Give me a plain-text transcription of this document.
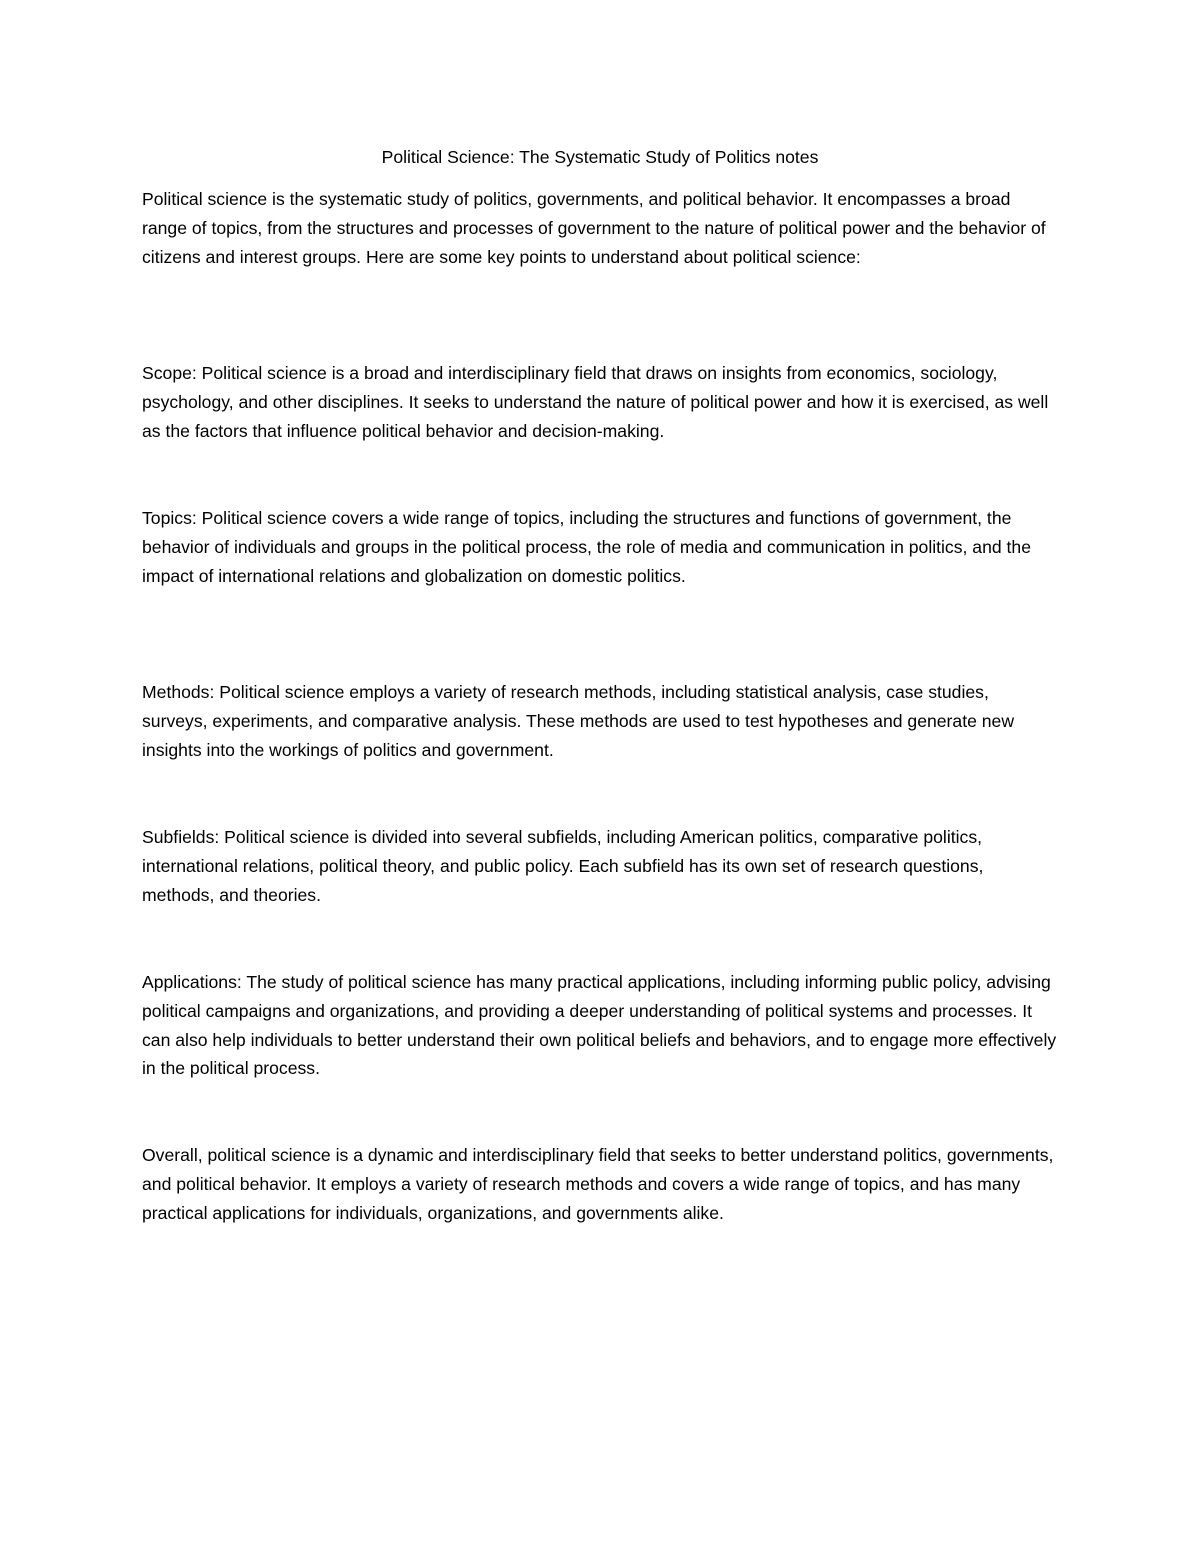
Political Science: The Systematic Study of Politics notes

Political science is the systematic study of politics, governments, and political behavior. It encompasses a broad range of topics, from the structures and processes of government to the nature of political power and the behavior of citizens and interest groups. Here are some key points to understand about political science:

Scope: Political science is a broad and interdisciplinary field that draws on insights from economics, sociology, psychology, and other disciplines. It seeks to understand the nature of political power and how it is exercised, as well as the factors that influence political behavior and decision-making.

Topics: Political science covers a wide range of topics, including the structures and functions of government, the behavior of individuals and groups in the political process, the role of media and communication in politics, and the impact of international relations and globalization on domestic politics.

Methods: Political science employs a variety of research methods, including statistical analysis, case studies, surveys, experiments, and comparative analysis. These methods are used to test hypotheses and generate new insights into the workings of politics and government.

Subfields: Political science is divided into several subfields, including American politics, comparative politics, international relations, political theory, and public policy. Each subfield has its own set of research questions, methods, and theories.

Applications: The study of political science has many practical applications, including informing public policy, advising political campaigns and organizations, and providing a deeper understanding of political systems and processes. It can also help individuals to better understand their own political beliefs and behaviors, and to engage more effectively in the political process.

Overall, political science is a dynamic and interdisciplinary field that seeks to better understand politics, governments, and political behavior. It employs a variety of research methods and covers a wide range of topics, and has many practical applications for individuals, organizations, and governments alike.
